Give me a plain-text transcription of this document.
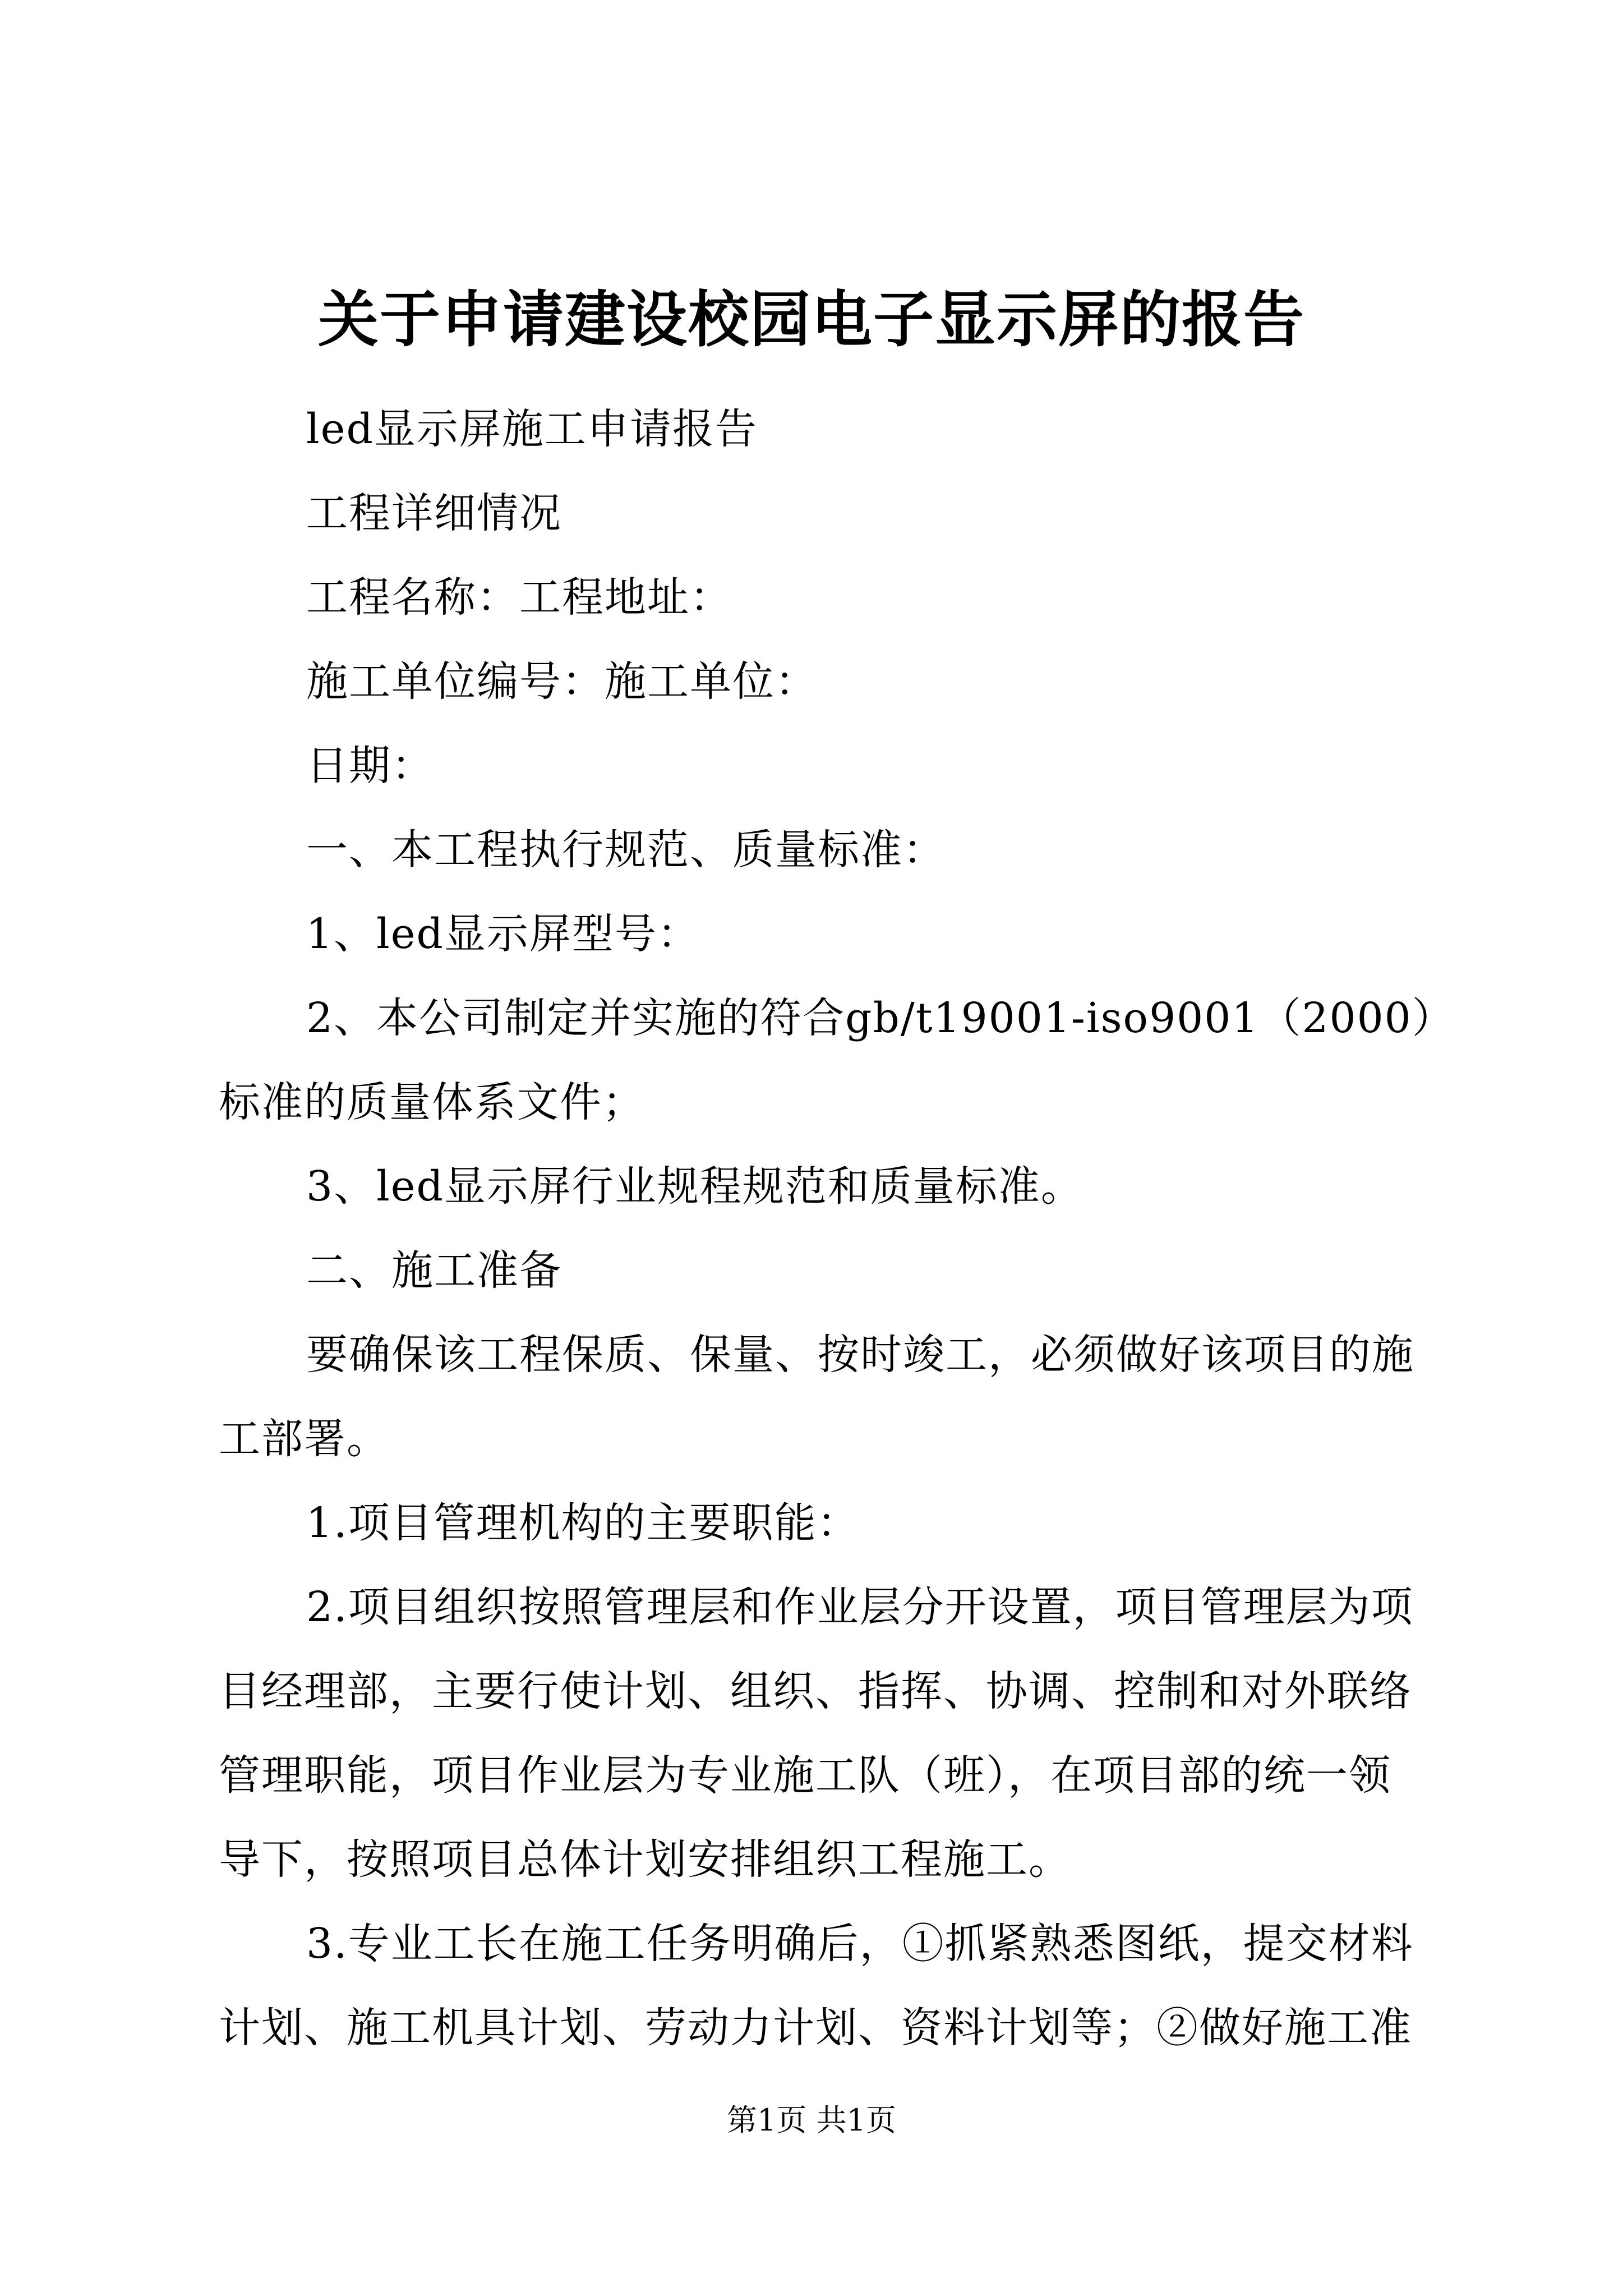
关于申请建设校园电子显示屏的报告
led显示屏施工申请报告
工程详细情况
工程名称：工程地址：
施工单位编号：施工单位：
日期：
一、本工程执行规范、质量标准：
1、led显示屏型号：
2、本公司制定并实施的符合gb/t19001-iso9001（2000）
标准的质量体系文件；
3、led显示屏行业规程规范和质量标准。
二、施工准备
要确保该工程保质、保量、按时竣工，必须做好该项目的施
工部署。
1.项目管理机构的主要职能：
2.项目组织按照管理层和作业层分开设置，项目管理层为项
目经理部，主要行使计划、组织、指挥、协调、控制和对外联络
管理职能，项目作业层为专业施工队（班），在项目部的统一领
导下，按照项目总体计划安排组织工程施工。
3.专业工长在施工任务明确后，①抓紧熟悉图纸，提交材料
计划、施工机具计划、劳动力计划、资料计划等；②做好施工准
第1页 共1页
